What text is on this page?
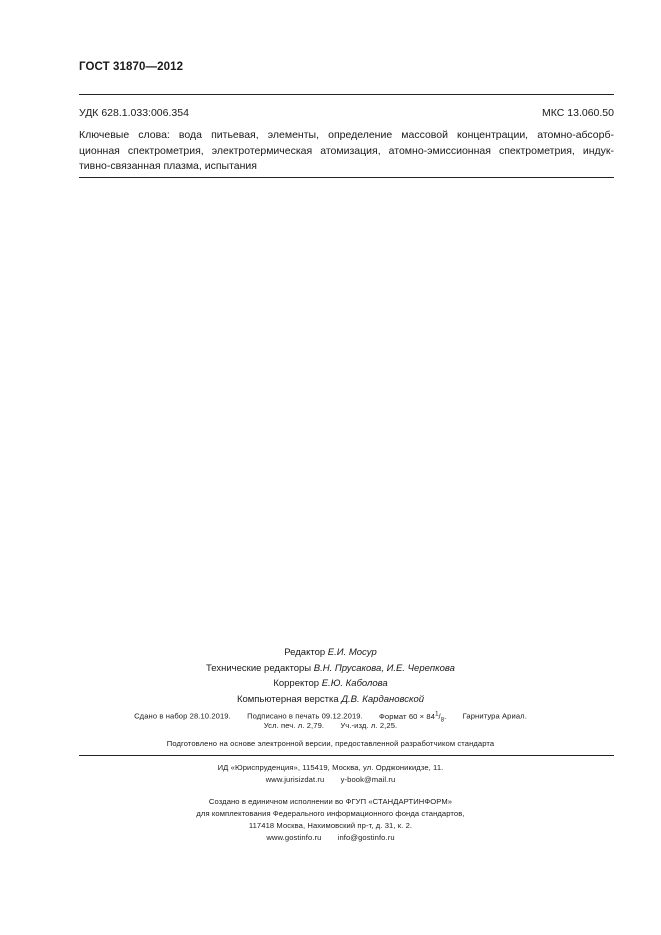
ГОСТ 31870—2012
УДК 628.1.033:006.354	МКС 13.060.50
Ключевые слова: вода питьевая, элементы, определение массовой концентрации, атомно-абсорб-
ционная спектрометрия, электротермическая атомизация, атомно-эмиссионная спектрометрия, индук-
тивно-связанная плазма, испытания
Редактор Е.И. Мосур
Технические редакторы В.Н. Прусакова, И.Е. Черепкова
Корректор Е.Ю. Каболова
Компьютерная верстка Д.В. Кардановской
Сдано в набор 28.10.2019. Подписано в печать 09.12.2019. Формат $60 \times 84^1/_8$. Гарнитура Ариал.
Усл. печ. л. 2,79. Уч.-изд. л. 2,25.
Подготовлено на основе электронной версии, предоставленной разработчиком стандарта
ИД «Юриспруденция», 115419, Москва, ул. Орджоникидзе, 11.
www.jurisizdat.ru y-book@mail.ru
Создано в единичном исполнении во ФГУП «СТАНДАРТИНФОРМ»
для комплектования Федерального информационного фонда стандартов,
117418 Москва, Нахимовский пр-т, д. 31, к. 2.
www.gostinfo.ru info@gostinfo.ru
